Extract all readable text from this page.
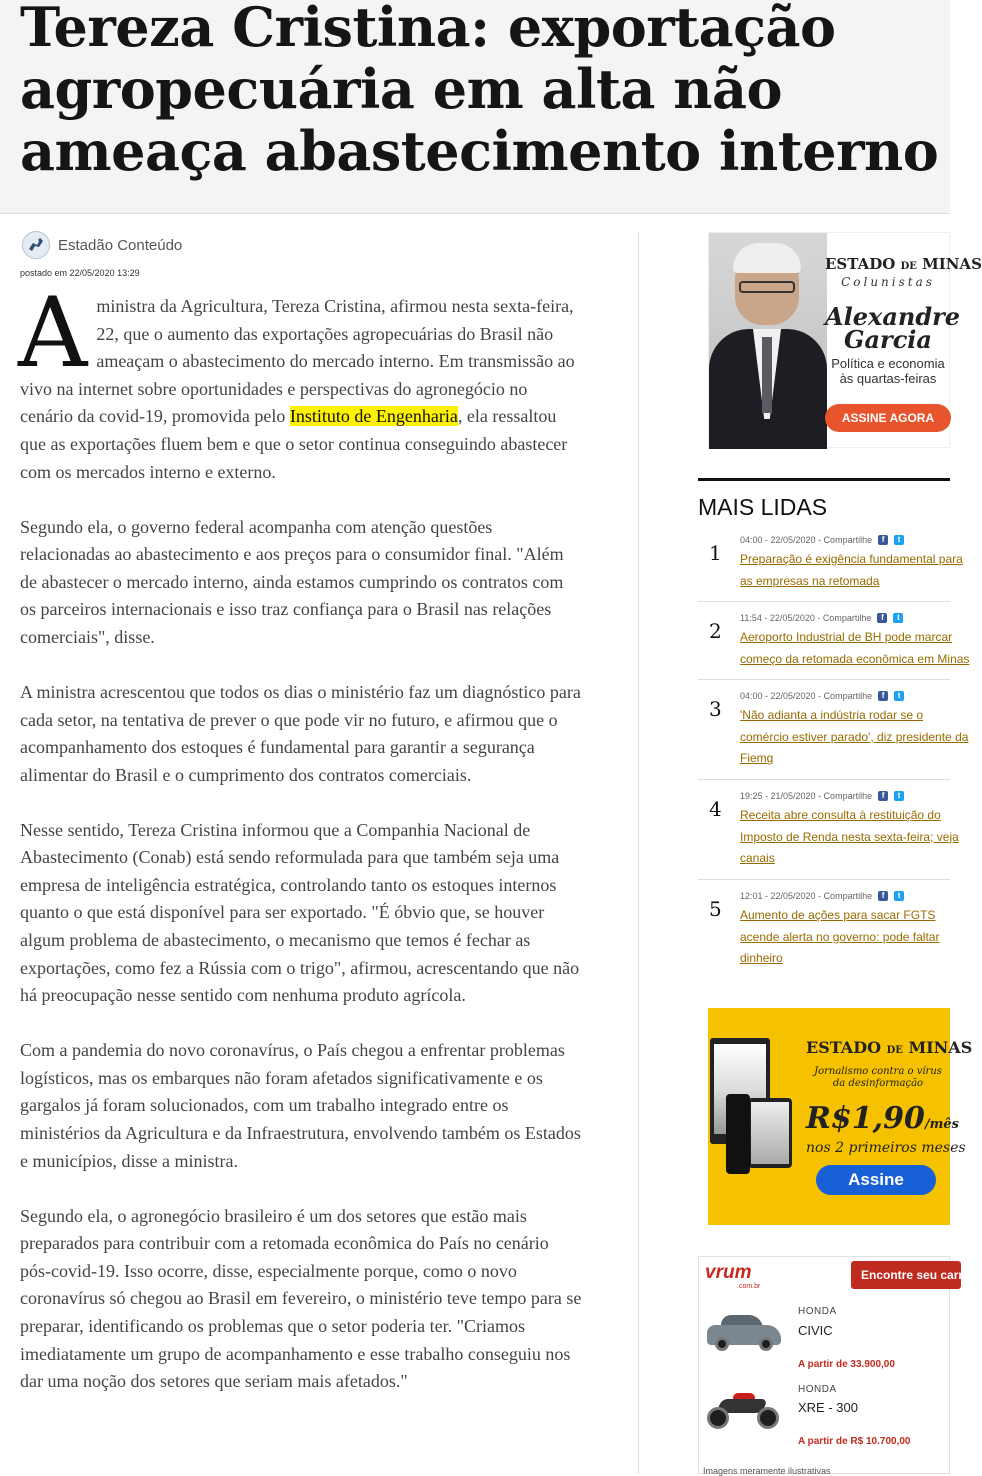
Tereza Cristina: exportação agropecuária em alta não ameaça abastecimento interno
Estadão Conteúdo
postado em 22/05/2020 13:29

A ministra da Agricultura, Tereza Cristina, afirmou nesta sexta-feira, 22, que o aumento das exportações agropecuárias do Brasil não ameaçam o abastecimento do mercado interno. Em transmissão ao vivo na internet sobre oportunidades e perspectivas do agronegócio no cenário da covid-19, promovida pelo Instituto de Engenharia, ela ressaltou que as exportações fluem bem e que o setor continua conseguindo abastecer com os mercados interno e externo.

Segundo ela, o governo federal acompanha com atenção questões relacionadas ao abastecimento e aos preços para o consumidor final. "Além de abastecer o mercado interno, ainda estamos cumprindo os contratos com os parceiros internacionais e isso traz confiança para o Brasil nas relações comerciais", disse.

A ministra acrescentou que todos os dias o ministério faz um diagnóstico para cada setor, na tentativa de prever o que pode vir no futuro, e afirmou que o acompanhamento dos estoques é fundamental para garantir a segurança alimentar do Brasil e o cumprimento dos contratos comerciais.

Nesse sentido, Tereza Cristina informou que a Companhia Nacional de Abastecimento (Conab) está sendo reformulada para que também seja uma empresa de inteligência estratégica, controlando tanto os estoques internos quanto o que está disponível para ser exportado. "É óbvio que, se houver algum problema de abastecimento, o mecanismo que temos é fechar as exportações, como fez a Rússia com o trigo", afirmou, acrescentando que não há preocupação nesse sentido com nenhuma produto agrícola.

Com a pandemia do novo coronavírus, o País chegou a enfrentar problemas logísticos, mas os embarques não foram afetados significativamente e os gargalos já foram solucionados, com um trabalho integrado entre os ministérios da Agricultura e da Infraestrutura, envolvendo também os Estados e municípios, disse a ministra.

Segundo ela, o agronegócio brasileiro é um dos setores que estão mais preparados para contribuir com a retomada econômica do País no cenário pós-covid-19. Isso ocorre, disse, especialmente porque, como o novo coronavírus só chegou ao Brasil em fevereiro, o ministério teve tempo para se preparar, identificando os problemas que o setor poderia ter. "Criamos imediatamente um grupo de acompanhamento e esse trabalho conseguiu nos dar uma noção dos setores que seriam mais afetados."

ESTADO DE MINAS
Colunistas
Alexandre
Garcia
Política e economia
às quartas-feiras
ASSINE AGORA
MAIS LIDAS
1
04:00 - 22/05/2020 - Compartilhe	f	t
Preparação é exigência fundamental para
as empresas na retomada
2
11:54 - 22/05/2020 - Compartilhe	f	t
Aeroporto Industrial de BH pode marcar
começo da retomada econômica em Minas
3
04:00 - 22/05/2020 - Compartilhe	f	t
'Não adianta a indústria rodar se o
comércio estiver parado', diz presidente da
Fiemg
4
19:25 - 21/05/2020 - Compartilhe	f	t
Receita abre consulta à restituição do
Imposto de Renda nesta sexta-feira; veja
canais
5
12:01 - 22/05/2020 - Compartilhe	f	t
Aumento de ações para sacar FGTS
acende alerta no governo: pode faltar
dinheiro
ESTADO DE MINAS
Jornalismo contra o vírus
da desinformação
R$1,90/mês
nos 2 primeiros meses
Assine
vrum
.com.br
Encontre seu carro
HONDA
CIVIC
A partir de 33.900,00
HONDA
XRE - 300
A partir de R$ 10.700,00
Imagens meramente ilustrativas
